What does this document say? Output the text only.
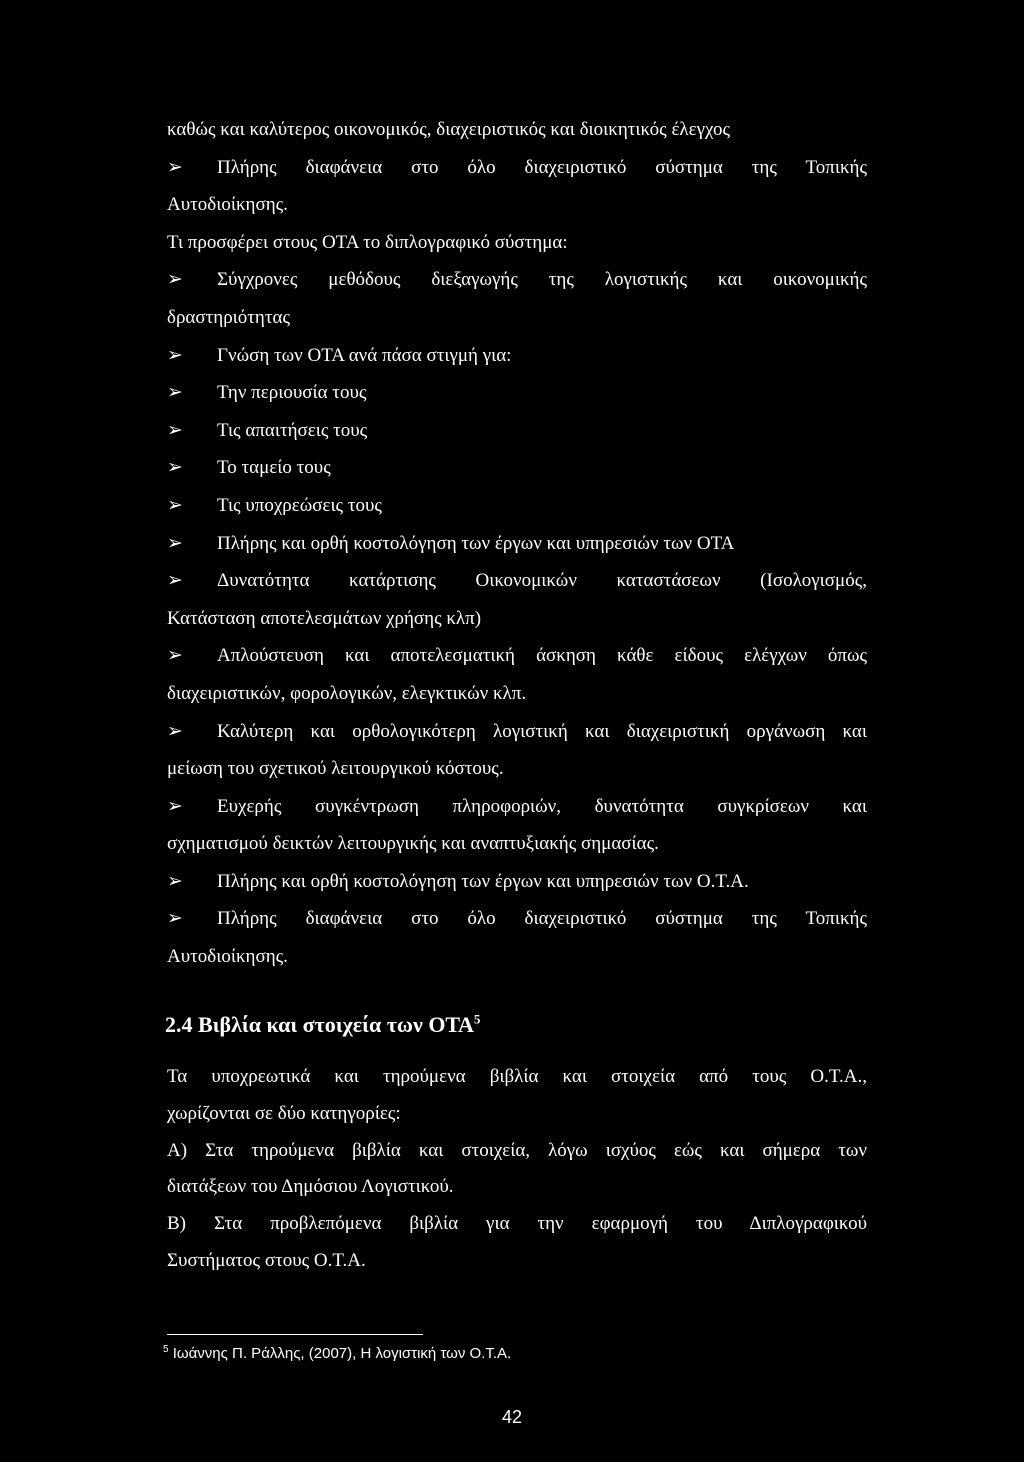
καθώς και καλύτερος οικονομικός, διαχειριστικός και διοικητικός έλεγχος
➢	Πλήρης διαφάνεια στο όλο διαχειριστικό σύστημα της Τοπικής
Αυτοδιοίκησης.
Τι προσφέρει στους ΟΤΑ το διπλογραφικό σύστημα:
➢	Σύγχρονες μεθόδους διεξαγωγής της λογιστικής και οικονομικής
δραστηριότητας
➢	Γνώση των ΟΤΑ ανά πάσα στιγμή για:
➢	Την περιουσία τους
➢	Τις απαιτήσεις τους
➢	Το ταμείο τους
➢	Τις υποχρεώσεις τους
➢	Πλήρης και ορθή κοστολόγηση των έργων και υπηρεσιών των ΟΤΑ
➢	Δυνατότητα κατάρτισης Οικονομικών καταστάσεων (Ισολογισμός,
Κατάσταση αποτελεσμάτων χρήσης κλπ)
➢	Απλούστευση και αποτελεσματική άσκηση κάθε είδους ελέγχων όπως
διαχειριστικών, φορολογικών, ελεγκτικών κλπ.
➢	Καλύτερη και ορθολογικότερη λογιστική και διαχειριστική οργάνωση και
μείωση του σχετικού λειτουργικού κόστους.
➢	Ευχερής συγκέντρωση πληροφοριών, δυνατότητα συγκρίσεων και
σχηματισμού δεικτών λειτουργικής και αναπτυξιακής σημασίας.
➢	Πλήρης και ορθή κοστολόγηση των έργων και υπηρεσιών των Ο.Τ.Α.
➢	Πλήρης διαφάνεια στο όλο διαχειριστικό σύστημα της Τοπικής
Αυτοδιοίκησης.
2.4 Βιβλία και στοιχεία των ΟΤΑ$^5$
Τα υποχρεωτικά και τηρούμενα βιβλία και στοιχεία από τους Ο.Τ.Α.,
χωρίζονται σε δύο κατηγορίες:
Α) Στα τηρούμενα βιβλία και στοιχεία, λόγω ισχύος εώς και σήμερα των
διατάξεων του Δημόσιου Λογιστικού.
Β) Στα προβλεπόμενα βιβλία για την εφαρμογή του Διπλογραφικού
Συστήματος στους Ο.Τ.Α.
$^5$ Ιωάννης Π. Ράλλης, (2007), Η λογιστική των Ο.Τ.Α.
42
